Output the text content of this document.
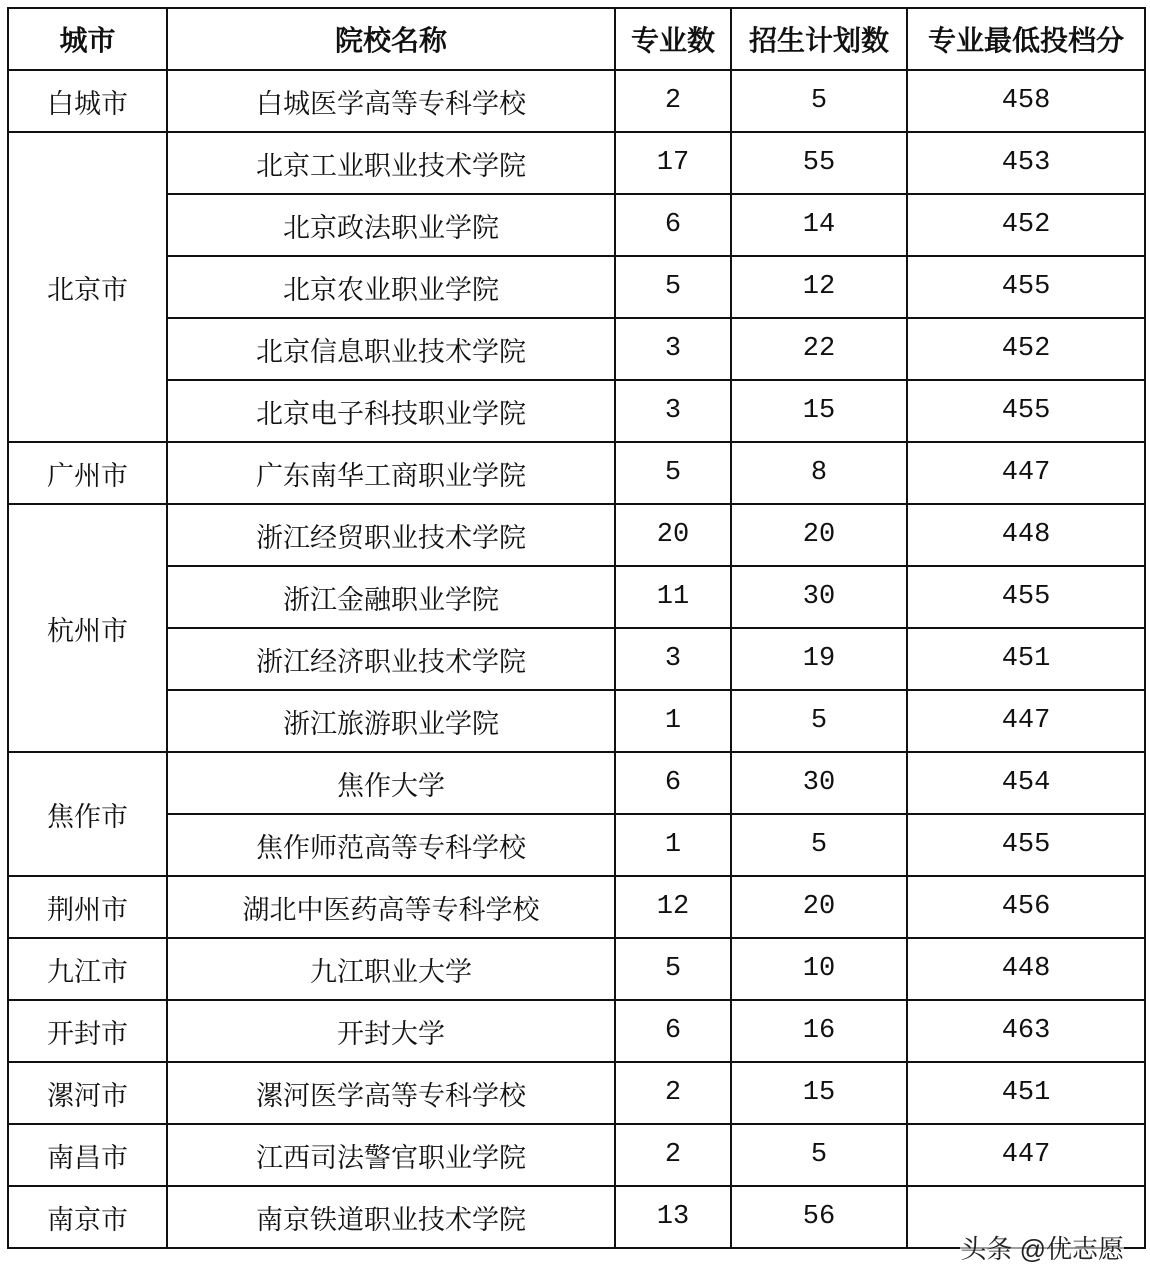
城市	院校名称	专业数	招生计划数	专业最低投档分
白城市	白城医学高等专科学校	2	5	458
北京市	北京工业职业技术学院	17	55	453
	北京政法职业学院	6	14	452
	北京农业职业学院	5	12	455
	北京信息职业技术学院	3	22	452
	北京电子科技职业学院	3	15	455
广州市	广东南华工商职业学院	5	8	447
杭州市	浙江经贸职业技术学院	20	20	448
	浙江金融职业学院	11	30	455
	浙江经济职业技术学院	3	19	451
	浙江旅游职业学院	1	5	447
焦作市	焦作大学	6	30	454
	焦作师范高等专科学校	1	5	455
荆州市	湖北中医药高等专科学校	12	20	456
九江市	九江职业大学	5	10	448
开封市	开封大学	6	16	463
漯河市	漯河医学高等专科学校	2	15	451
南昌市	江西司法警官职业学院	2	5	447
南京市	南京铁道职业技术学院	13	56	
头条 @优志愿
